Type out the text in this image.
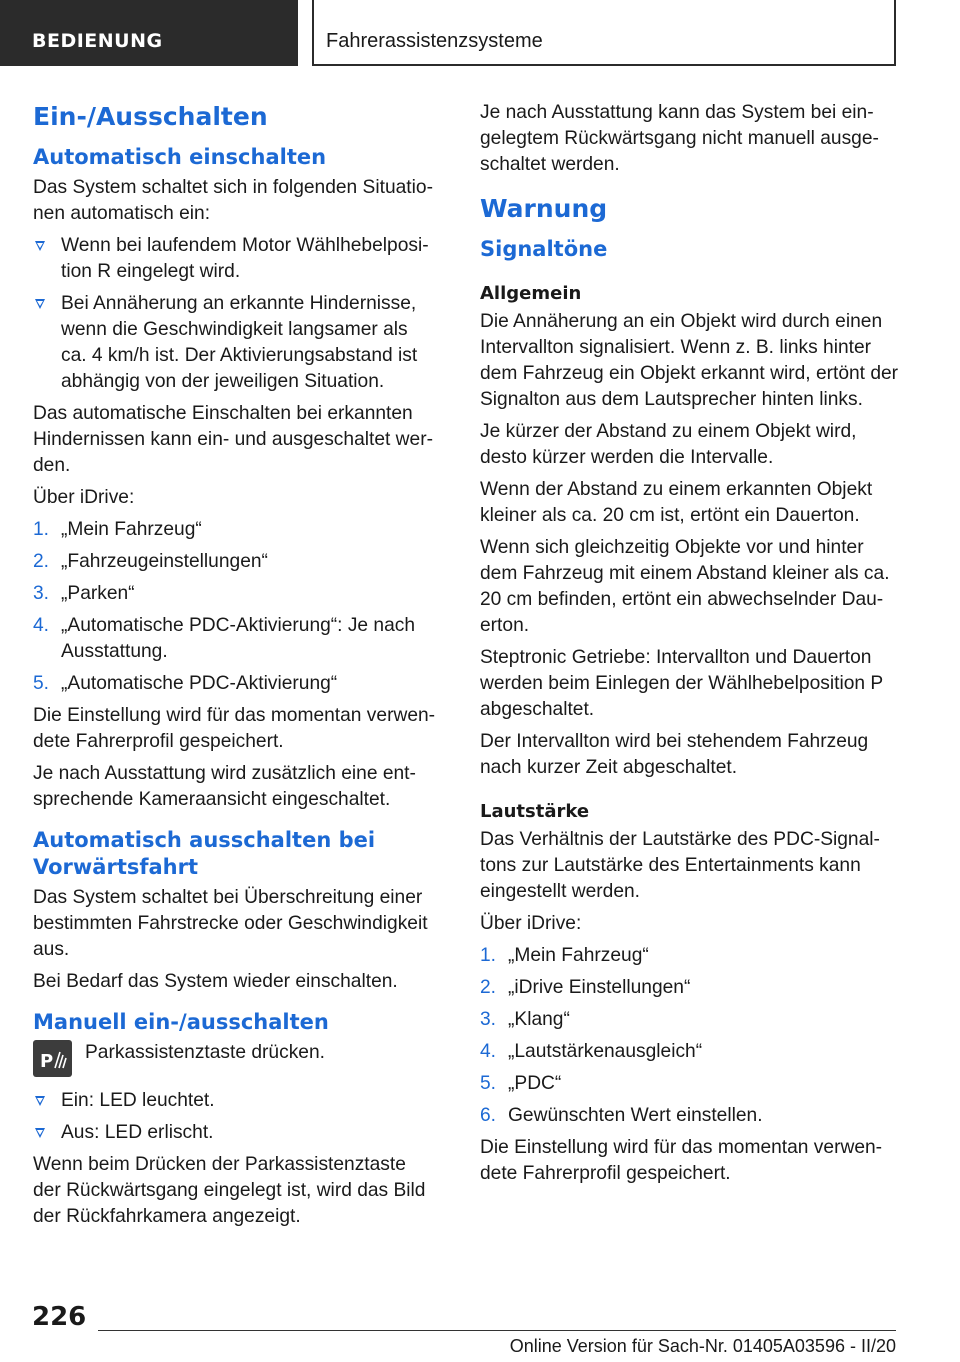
BEDIENUNG	Fahrerassistenzsysteme
Ein-/Ausschalten
Automatisch einschalten

Das System schaltet sich in folgenden Situationen automatisch ein:

Wenn bei laufendem Motor Wählhebelposition R eingelegt wird.
Bei Annäherung an erkannte Hindernisse, wenn die Geschwindigkeit langsamer als ca. 4 km/h ist. Der Aktivierungsabstand ist abhängig von der jeweiligen Situation.

Das automatische Einschalten bei erkannten Hindernissen kann ein- und ausgeschaltet werden.

Über iDrive:

1. „Mein Fahrzeug“
2. „Fahrzeugeinstellungen“
3. „Parken“
4. „Automatische PDC-Aktivierung“: Je nach Ausstattung.
5. „Automatische PDC-Aktivierung“

Die Einstellung wird für das momentan verwendete Fahrerprofil gespeichert.

Je nach Ausstattung wird zusätzlich eine entsprechende Kameraansicht eingeschaltet.

Automatisch ausschalten bei Vorwärtsfahrt

Das System schaltet bei Überschreitung einer bestimmten Fahrstrecke oder Geschwindigkeit aus.

Bei Bedarf das System wieder einschalten.

Manuell ein-/ausschalten
P Parkassistenztaste drücken.
Ein: LED leuchtet.
Aus: LED erlischt.

Wenn beim Drücken der Parkassistenztaste der Rückwärtsgang eingelegt ist, wird das Bild der Rückfahrkamera angezeigt.

Je nach Ausstattung kann das System bei eingelegtem Rückwärtsgang nicht manuell ausgeschaltet werden.

Warnung
Signaltöne
Allgemein

Die Annäherung an ein Objekt wird durch einen Intervallton signalisiert. Wenn z. B. links hinter dem Fahrzeug ein Objekt erkannt wird, ertönt der Signalton aus dem Lautsprecher hinten links.

Je kürzer der Abstand zu einem Objekt wird, desto kürzer werden die Intervalle.

Wenn der Abstand zu einem erkannten Objekt kleiner als ca. 20 cm ist, ertönt ein Dauerton.

Wenn sich gleichzeitig Objekte vor und hinter dem Fahrzeug mit einem Abstand kleiner als ca. 20 cm befinden, ertönt ein abwechselnder Dauerton.

Steptronic Getriebe: Intervallton und Dauerton werden beim Einlegen der Wählhebelposition P abgeschaltet.

Der Intervallton wird bei stehendem Fahrzeug nach kurzer Zeit abgeschaltet.

Lautstärke

Das Verhältnis der Lautstärke des PDC-Signaltons zur Lautstärke des Entertainments kann eingestellt werden.

Über iDrive:

1. „Mein Fahrzeug“
2. „iDrive Einstellungen“
3. „Klang“
4. „Lautstärkenausgleich“
5. „PDC“
6. Gewünschten Wert einstellen.

Die Einstellung wird für das momentan verwendete Fahrerprofil gespeichert.

226
Online Version für Sach-Nr. 01405A03596 - II/20
